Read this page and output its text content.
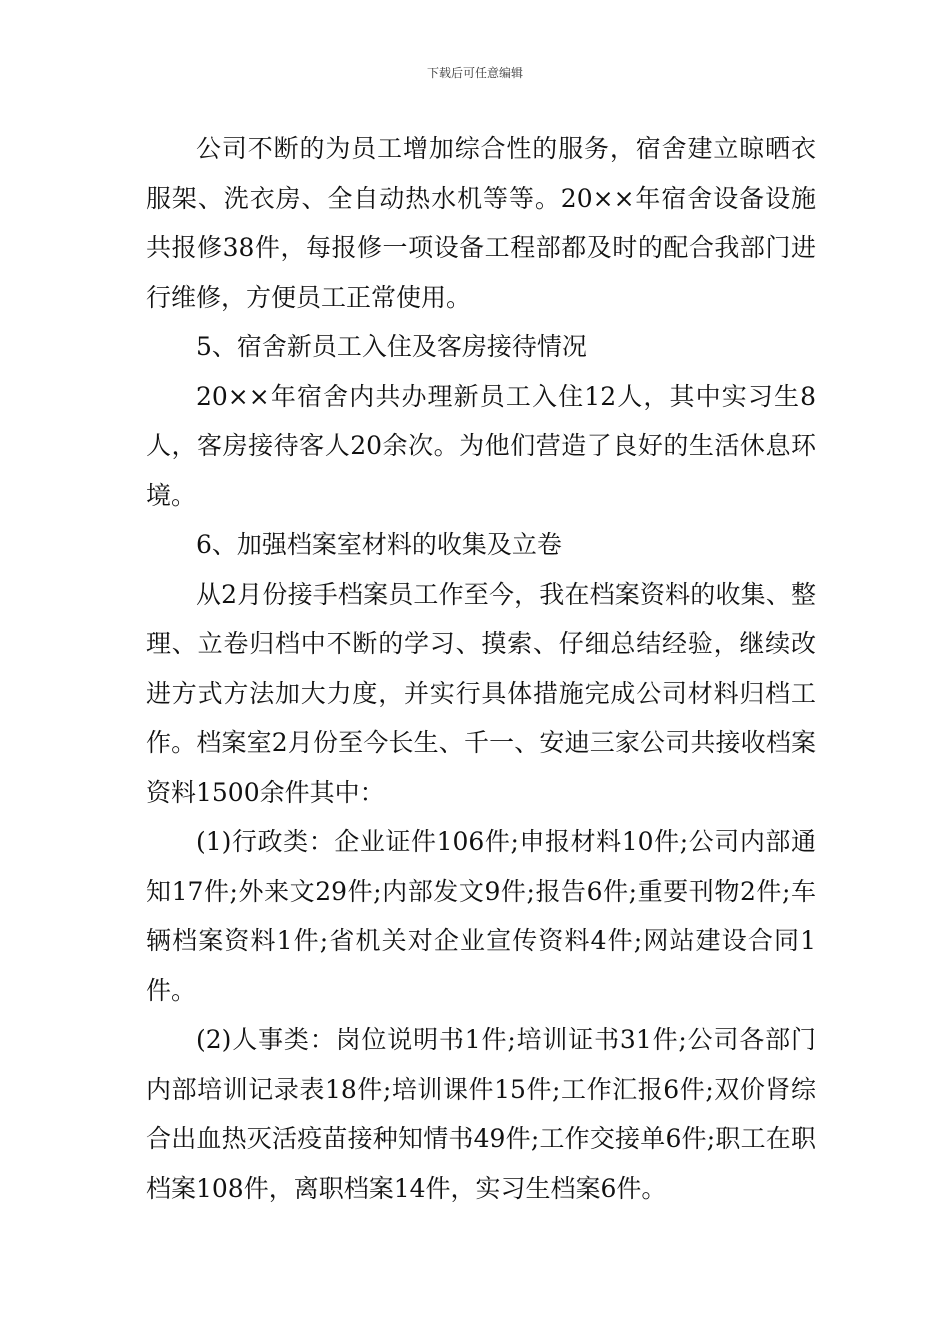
下载后可任意编辑

公司不断的为员工增加综合性的服务，宿舍建立晾晒衣服架、洗衣房、全自动热水机等等。20××年宿舍设备设施共报修38件，每报修一项设备工程部都及时的配合我部门进行维修，方便员工正常使用。

5、宿舍新员工入住及客房接待情况

20××年宿舍内共办理新员工入住12人，其中实习生8人，客房接待客人20余次。为他们营造了良好的生活休息环境。

6、加强档案室材料的收集及立卷

从2月份接手档案员工作至今，我在档案资料的收集、整理、立卷归档中不断的学习、摸索、仔细总结经验，继续改进方式方法加大力度，并实行具体措施完成公司材料归档工作。档案室2月份至今长生、千一、安迪三家公司共接收档案资料1500余件其中：

(1)行政类：企业证件106件;申报材料10件;公司内部通知17件;外来文29件;内部发文9件;报告6件;重要刊物2件;车辆档案资料1件;省机关对企业宣传资料4件;网站建设合同1件。

(2)人事类：岗位说明书1件;培训证书31件;公司各部门内部培训记录表18件;培训课件15件;工作汇报6件;双价肾综合出血热灭活疫苗接种知情书49件;工作交接单6件;职工在职档案108件，离职档案14件，实习生档案6件。
